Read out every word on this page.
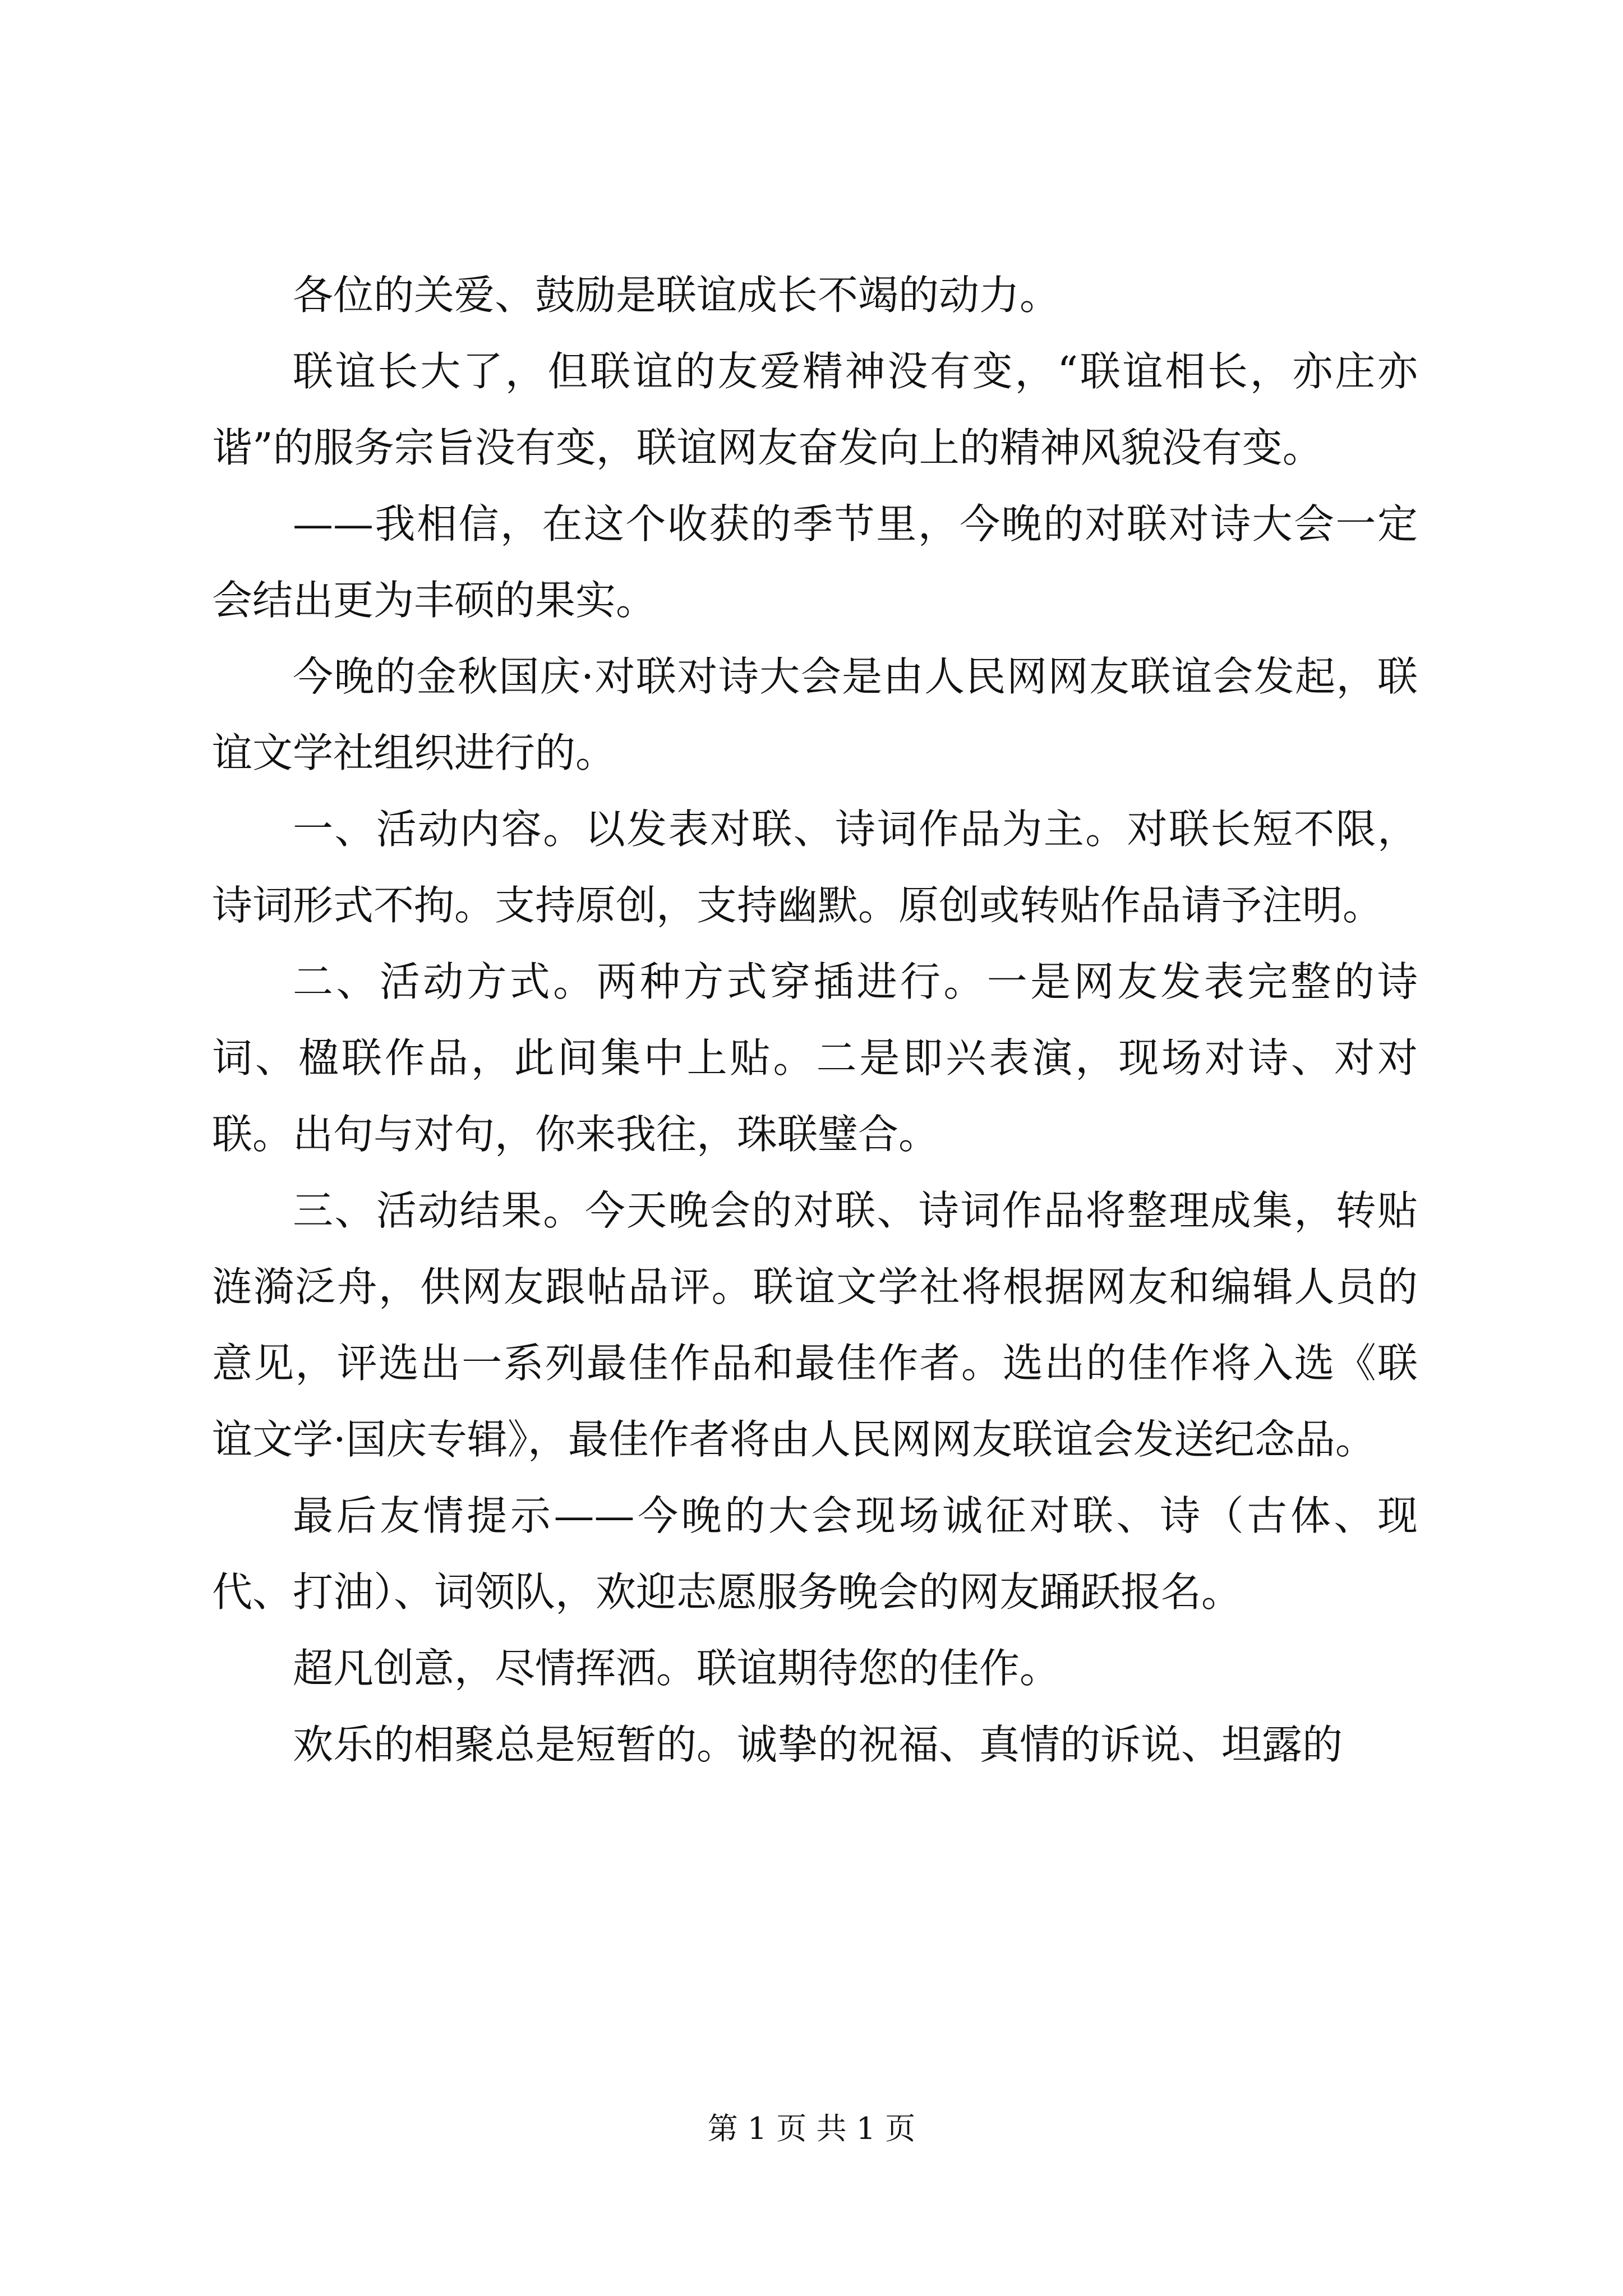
各位的关爱、鼓励是联谊成长不竭的动力。

联谊长大了，但联谊的友爱精神没有变，“联谊相长，亦庄亦谐”的服务宗旨没有变，联谊网友奋发向上的精神风貌没有变。

——我相信，在这个收获的季节里，今晚的对联对诗大会一定会结出更为丰硕的果实。

今晚的金秋国庆·对联对诗大会是由人民网网友联谊会发起，联谊文学社组织进行的。

一、活动内容。以发表对联、诗词作品为主。对联长短不限，诗词形式不拘。支持原创，支持幽默。原创或转贴作品请予注明。

二、活动方式。两种方式穿插进行。一是网友发表完整的诗词、楹联作品，此间集中上贴。二是即兴表演，现场对诗、对对联。出句与对句，你来我往，珠联璧合。

三、活动结果。今天晚会的对联、诗词作品将整理成集，转贴涟漪泛舟，供网友跟帖品评。联谊文学社将根据网友和编辑人员的意见，评选出一系列最佳作品和最佳作者。选出的佳作将入选《联谊文学·国庆专辑》，最佳作者将由人民网网友联谊会发送纪念品。

最后友情提示——今晚的大会现场诚征对联、诗（古体、现代、打油）、词领队，欢迎志愿服务晚会的网友踊跃报名。

超凡创意，尽情挥洒。联谊期待您的佳作。

欢乐的相聚总是短暂的。诚挚的祝福、真情的诉说、坦露的

第 1 页 共 1 页
